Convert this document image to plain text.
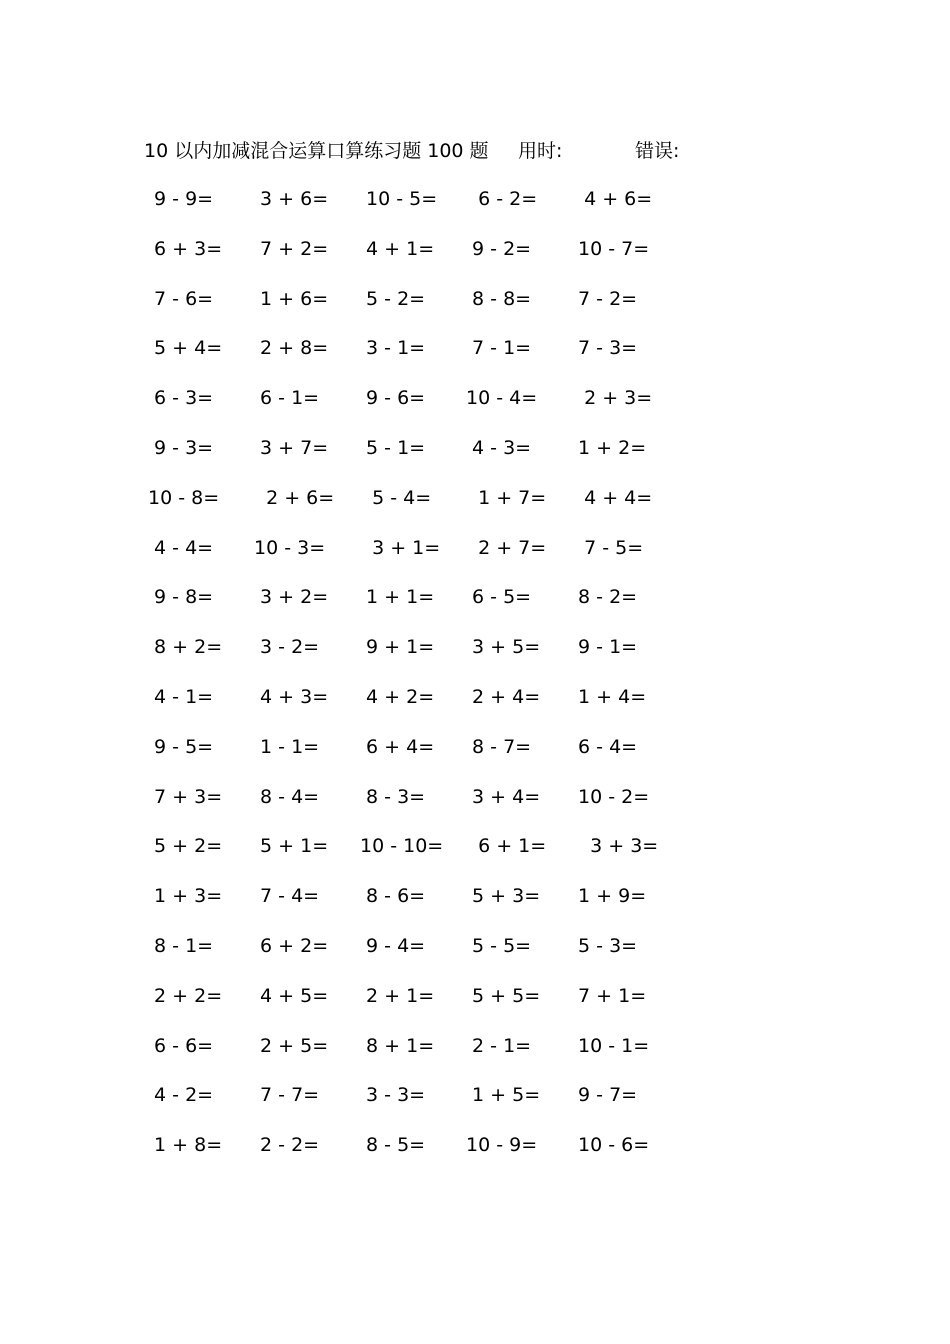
10 以内加减混合运算口算练习题 100 题 用时:	错误:
9 - 9=	3 + 6=	10 - 5=	6 - 2=	4 + 6=
6 + 3=	7 + 2=	4 + 1=	9 - 2=	10 - 7=
7 - 6=	1 + 6=	5 - 2=	8 - 8=	7 - 2=
5 + 4=	2 + 8=	3 - 1=	7 - 1=	7 - 3=
6 - 3=	6 - 1=	9 - 6=	10 - 4=	2 + 3=
9 - 3=	3 + 7=	5 - 1=	4 - 3=	1 + 2=
10 - 8=	2 + 6=	5 - 4=	1 + 7=	4 + 4=
4 - 4=	10 - 3=	3 + 1=	2 + 7=	7 - 5=
9 - 8=	3 + 2=	1 + 1=	6 - 5=	8 - 2=
8 + 2=	3 - 2=	9 + 1=	3 + 5=	9 - 1=
4 - 1=	4 + 3=	4 + 2=	2 + 4=	1 + 4=
9 - 5=	1 - 1=	6 + 4=	8 - 7=	6 - 4=
7 + 3=	8 - 4=	8 - 3=	3 + 4=	10 - 2=
5 + 2=	5 + 1=	10 - 10=	6 + 1=	3 + 3=
1 + 3=	7 - 4=	8 - 6=	5 + 3=	1 + 9=
8 - 1=	6 + 2=	9 - 4=	5 - 5=	5 - 3=
2 + 2=	4 + 5=	2 + 1=	5 + 5=	7 + 1=
6 - 6=	2 + 5=	8 + 1=	2 - 1=	10 - 1=
4 - 2=	7 - 7=	3 - 3=	1 + 5=	9 - 7=
1 + 8=	2 - 2=	8 - 5=	10 - 9=	10 - 6=
